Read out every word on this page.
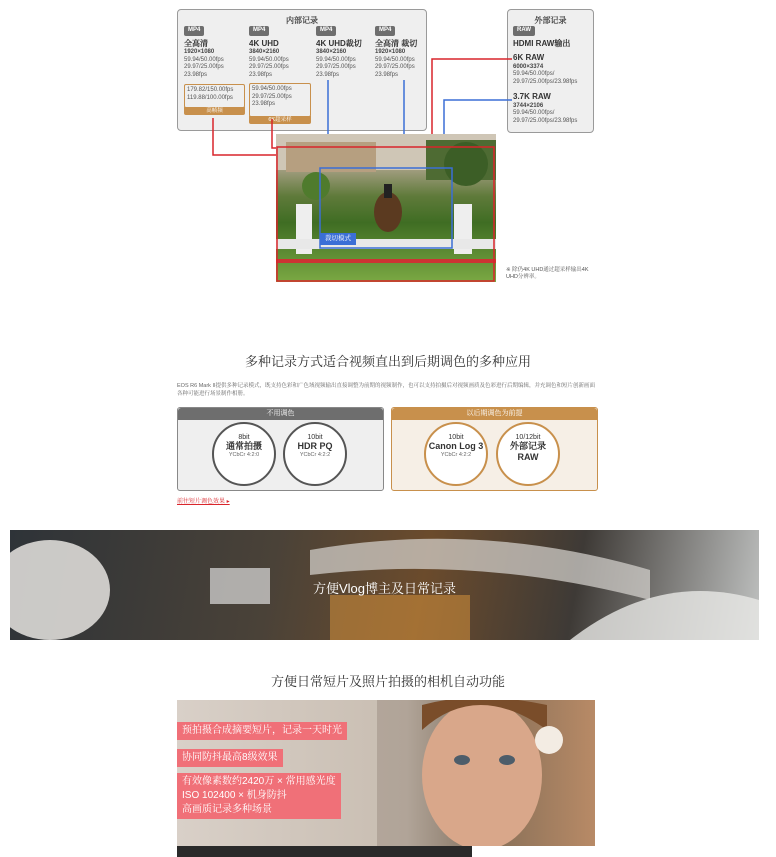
内部记录
MP4
全高清
1920×1080
59.94/50.00fps
29.97/25.00fps
23.98fps
179.82/150.00fps
119.88/100.00fps
高帧频
MP4
4K UHD
3840×2160
59.94/50.00fps
29.97/25.00fps
23.98fps
59.94/50.00fps
29.97/25.00fps
23.98fps
6K超采样
MP4
4K UHD裁切
3840×2160
59.94/50.00fps
29.97/25.00fps
23.98fps
MP4
全高清 裁切
1920×1080
59.94/50.00fps
29.97/25.00fps
23.98fps
外部记录
RAW
HDMI RAW输出
6K RAW
6000×3374
59.94/50.00fps/
29.97/25.00fps/23.98fps
3.7K RAW
3744×2106
59.94/50.00fps/
29.97/25.00fps/23.98fps
裁切模式
※ 除仍4K UHD通过超采样输出4K UHD分辨率。
多种记录方式适合视频直出到后期调色的多种应用
EOS R6 Mark II提供多种记录模式，既支持色彩和广色域视频输出直接调整为前期的视频制作，也可以支持拍摄后对视频画质及色彩进行后期编辑，并充调色和短片创新画面各种可能进行场景制作相册。
不用调色
8bit
通常拍摄
YCbCr 4:2:0
10bit
HDR PQ
YCbCr 4:2:2
以后期调色为前提
10bit
Canon Log 3
YCbCr 4:2:2
10/12bit
外部记录
RAW
前往短片调色效果 ▸
方便Vlog博主及日常记录
方便日常短片及照片拍摄的相机自动功能
预拍摄合成摘要短片，记录一天时光
协同防抖最高8级效果
有效像素数约2420万 × 常用感光度
ISO 102400 × 机身防抖
高画质记录多种场景
